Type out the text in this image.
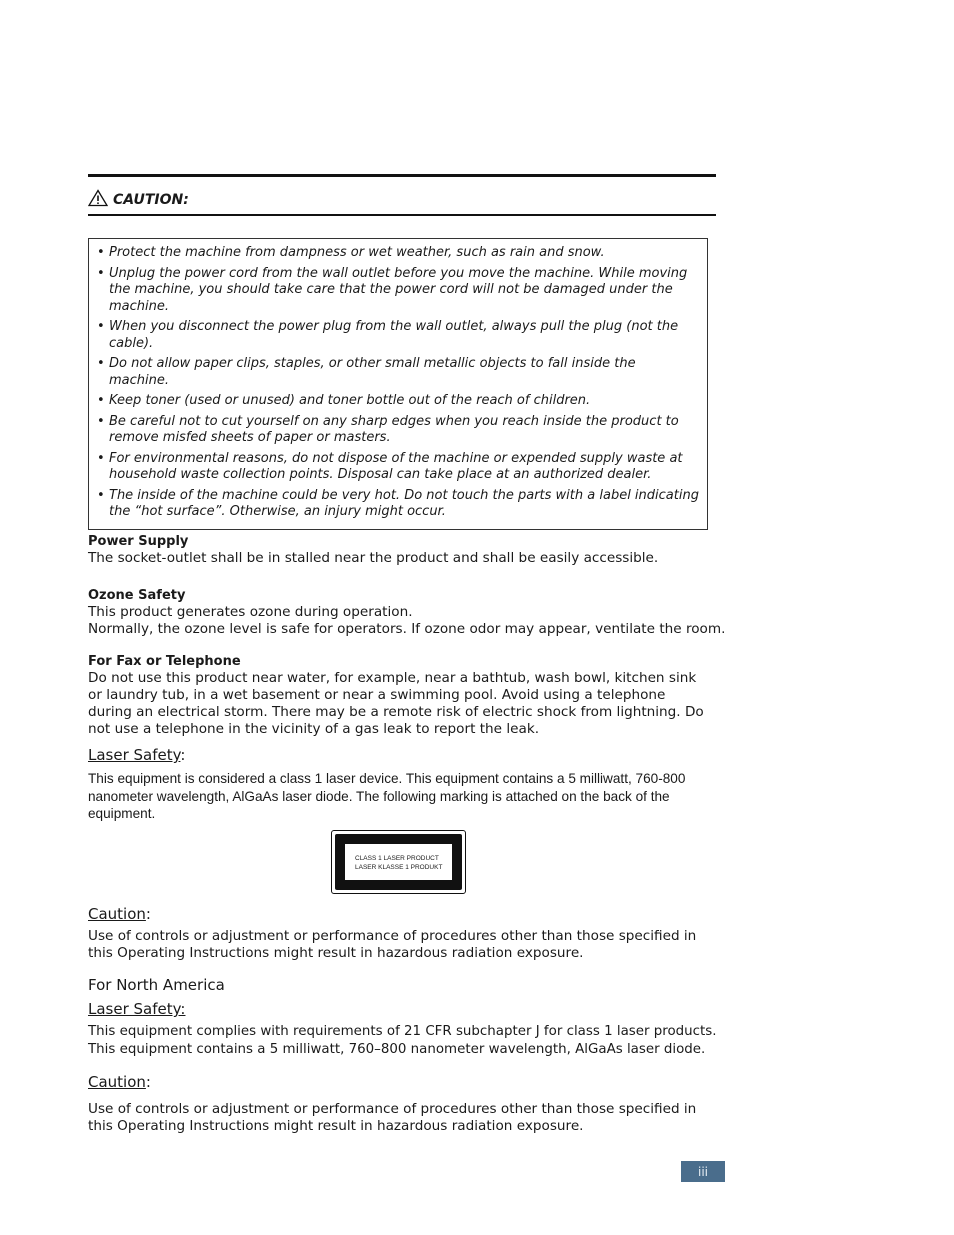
CAUTION:
• Protect the machine from dampness or wet weather, such as rain and snow.
• Unplug the power cord from the wall outlet before you move the machine. While moving the machine, you should take care that the power cord will not be damaged under the machine.
• When you disconnect the power plug from the wall outlet, always pull the plug (not the cable).
• Do not allow paper clips, staples, or other small metallic objects to fall inside the machine.
• Keep toner (used or unused) and toner bottle out of the reach of children.
• Be careful not to cut yourself on any sharp edges when you reach inside the product to remove misfed sheets of paper or masters.
• For environmental reasons, do not dispose of the machine or expended supply waste at household waste collection points. Disposal can take place at an authorized dealer.
• The inside of the machine could be very hot. Do not touch the parts with a label indicating the “hot surface”. Otherwise, an injury might occur.
Power Supply

The socket-outlet shall be in stalled near the product and shall be easily accessible.

Ozone Safety

This product generates ozone during operation.

Normally, the ozone level is safe for operators. If ozone odor may appear, ventilate the room.

For Fax or Telephone

Do not use this product near water, for example, near a bathtub, wash bowl, kitchen sink or laundry tub, in a wet basement or near a swimming pool. Avoid using a telephone during an electrical storm. There may be a remote risk of electric shock from lightning. Do not use a telephone in the vicinity of a gas leak to report the leak.

Laser Safety:
This equipment is considered a class 1 laser device. This equipment contains a 5 milliwatt, 760-800 nanometer wavelength, AlGaAs laser diode. The following marking is attached on the back of the equipment.
CLASS 1 LASER PRODUCT
LASER KLASSE 1 PRODUKT
Caution:
Use of controls or adjustment or performance of procedures other than those specified in this Operating Instructions might result in hazardous radiation exposure.
For North America
Laser Safety:
This equipment complies with requirements of 21 CFR subchapter J for class 1 laser products. This equipment contains a 5 milliwatt, 760–800 nanometer wavelength, AlGaAs laser diode.
Caution:
Use of controls or adjustment or performance of procedures other than those specified in this Operating Instructions might result in hazardous radiation exposure.
iii
